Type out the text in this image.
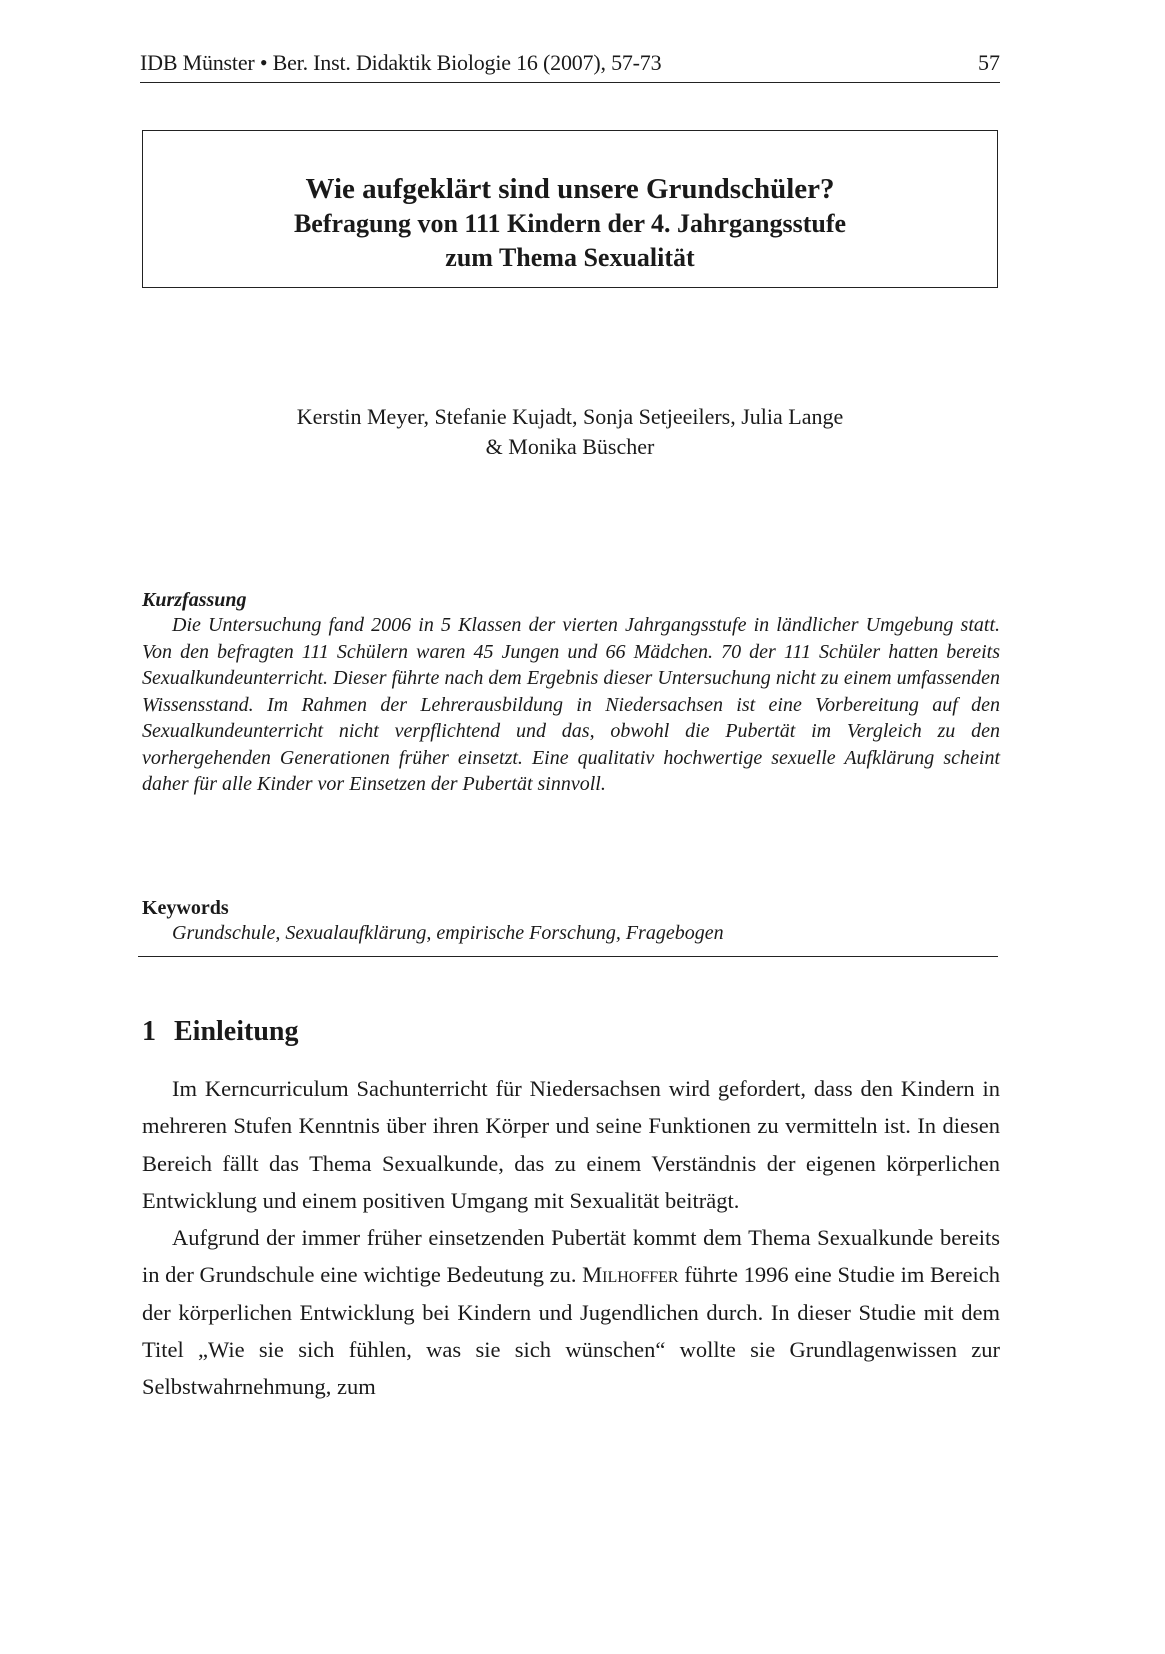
IDB Münster • Ber. Inst. Didaktik Biologie 16 (2007), 57-73	57
Wie aufgeklärt sind unsere Grundschüler?
Befragung von 111 Kindern der 4. Jahrgangsstufe
zum Thema Sexualität
Kerstin Meyer, Stefanie Kujadt, Sonja Setjeeilers, Julia Lange
& Monika Büscher
Kurzfassung
Die Untersuchung fand 2006 in 5 Klassen der vierten Jahrgangsstufe in ländlicher Umgebung statt. Von den befragten 111 Schülern waren 45 Jungen und 66 Mädchen. 70 der 111 Schüler hatten bereits Sexualkundeunterricht. Dieser führte nach dem Ergebnis dieser Untersuchung nicht zu einem umfassenden Wissensstand. Im Rahmen der Lehrerausbildung in Niedersachsen ist eine Vorbereitung auf den Sexualkundeunterricht nicht verpflichtend und das, obwohl die Pubertät im Vergleich zu den vorhergehenden Generationen früher einsetzt. Eine qualitativ hochwertige sexuelle Aufklärung scheint daher für alle Kinder vor Einsetzen der Pubertät sinnvoll.
Keywords
Grundschule, Sexualaufklärung, empirische Forschung, Fragebogen
1 Einleitung

Im Kerncurriculum Sachunterricht für Niedersachsen wird gefordert, dass den Kindern in mehreren Stufen Kenntnis über ihren Körper und seine Funktionen zu vermitteln ist. In diesen Bereich fällt das Thema Sexualkunde, das zu einem Verständnis der eigenen körperlichen Entwicklung und einem positiven Umgang mit Sexualität beiträgt.

Aufgrund der immer früher einsetzenden Pubertät kommt dem Thema Sexualkunde bereits in der Grundschule eine wichtige Bedeutung zu. Milhoffer führte 1996 eine Studie im Bereich der körperlichen Entwicklung bei Kindern und Jugendlichen durch. In dieser Studie mit dem Titel „Wie sie sich fühlen, was sie sich wünschen“ wollte sie Grundlagenwissen zur Selbstwahrnehmung, zum
